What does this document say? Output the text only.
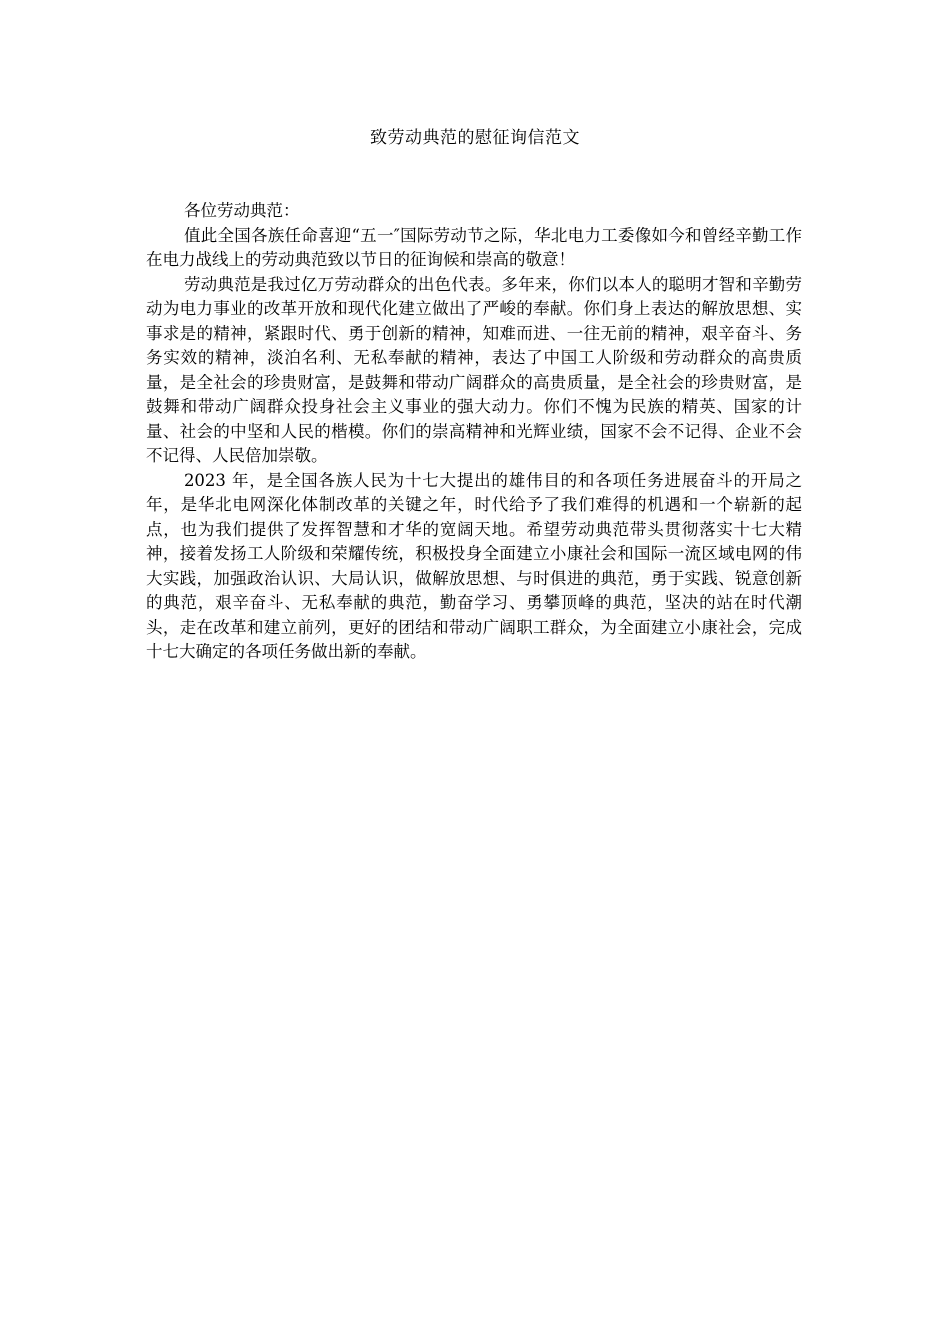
致劳动典范的慰征询信范文

各位劳动典范：

值此全国各族任命喜迎“五一″国际劳动节之际，华北电力工委像如今和曾经辛勤工作在电力战线上的劳动典范致以节日的征询候和崇高的敬意！

劳动典范是我过亿万劳动群众的出色代表。多年来，你们以本人的聪明才智和辛勤劳动为电力事业的改革开放和现代化建立做出了严峻的奉献。你们身上表达的解放思想、实事求是的精神，紧跟时代、勇于创新的精神，知难而进、一往无前的精神，艰辛奋斗、务务实效的精神，淡泊名利、无私奉献的精神，表达了中国工人阶级和劳动群众的高贵质量，是全社会的珍贵财富，是鼓舞和带动广阔群众的高贵质量，是全社会的珍贵财富，是鼓舞和带动广阔群众投身社会主义事业的强大动力。你们不愧为民族的精英、国家的计量、社会的中坚和人民的楷模。你们的崇高精神和光辉业绩，国家不会不记得、企业不会不记得、人民倍加崇敬。

2023 年，是全国各族人民为十七大提出的雄伟目的和各项任务进展奋斗的开局之年，是华北电网深化体制改革的关键之年，时代给予了我们难得的机遇和一个崭新的起点，也为我们提供了发挥智慧和才华的宽阔天地。希望劳动典范带头贯彻落实十七大精神，接着发扬工人阶级和荣耀传统，积极投身全面建立小康社会和国际一流区域电网的伟大实践，加强政治认识、大局认识，做解放思想、与时俱进的典范，勇于实践、锐意创新的典范，艰辛奋斗、无私奉献的典范，勤奋学习、勇攀顶峰的典范，坚决的站在时代潮头，走在改革和建立前列，更好的团结和带动广阔职工群众，为全面建立小康社会，完成十七大确定的各项任务做出新的奉献。
